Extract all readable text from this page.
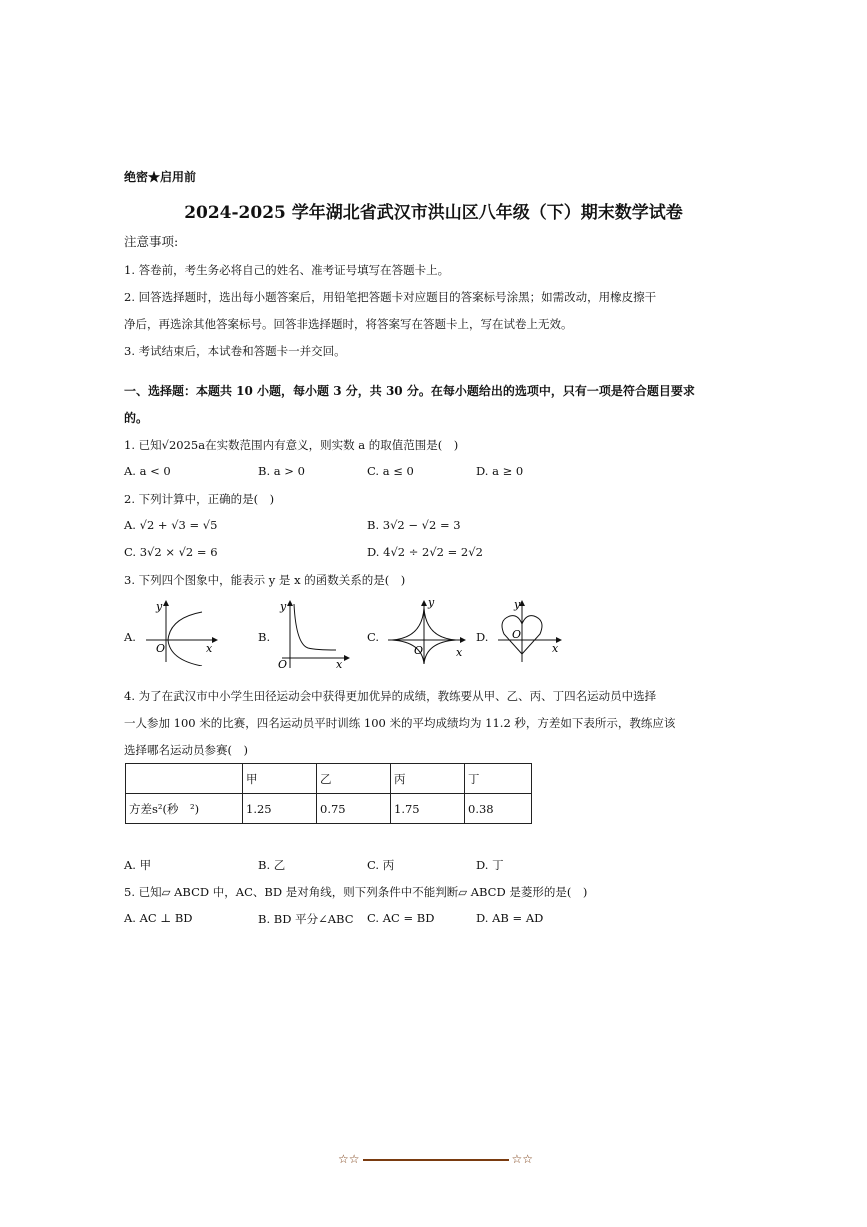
绝密★启用前
2024-2025 学年湖北省武汉市洪山区八年级（下）期末数学试卷
注意事项:
1. 答卷前，考生务必将自己的姓名、准考证号填写在答题卡上。
2. 回答选择题时，选出每小题答案后，用铅笔把答题卡对应题目的答案标号涂黑；如需改动，用橡皮擦干
净后，再选涂其他答案标号。回答非选择题时，将答案写在答题卡上，写在试卷上无效。
3. 考试结束后，本试卷和答题卡一并交回。
一、选择题：本题共 10 小题，每小题 3 分，共 30 分。在每小题给出的选项中，只有一项是符合题目要求
的。
1. 已知√2025a在实数范围内有意义，则实数 a 的取值范围是(　)
A. a < 0	B. a > 0	C. a ≤ 0	D. a ≥ 0
2. 下列计算中，正确的是(　)
A. √2 + √3 = √5	B. 3√2 − √2 = 3
C. 3√2 × √2 = 6	D. 4√2 ÷ 2√2 = 2√2
3. 下列四个图象中，能表示 y 是 x 的函数关系的是(　)
A.
y
x
O
B.
y
x
O
C.
y
x
O
D.
y
x
O
4. 为了在武汉市中小学生田径运动会中获得更加优异的成绩，教练要从甲、乙、丙、丁四名运动员中选择
一人参加 100 米的比赛，四名运动员平时训练 100 米的平均成绩均为 11.2 秒，方差如下表所示，教练应该
选择哪名运动员参赛(　)
	甲	乙	丙	丁
方差s²(秒　²)	1.25	0.75	1.75	0.38
A. 甲	B. 乙	C. 丙	D. 丁
5. 已知▱ ABCD 中，AC、BD 是对角线，则下列条件中不能判断▱ ABCD 是菱形的是(　)
A. AC ⊥ BD	B. BD 平分∠ABC C. AC = BD	D. AB = AD
☆☆	☆☆
